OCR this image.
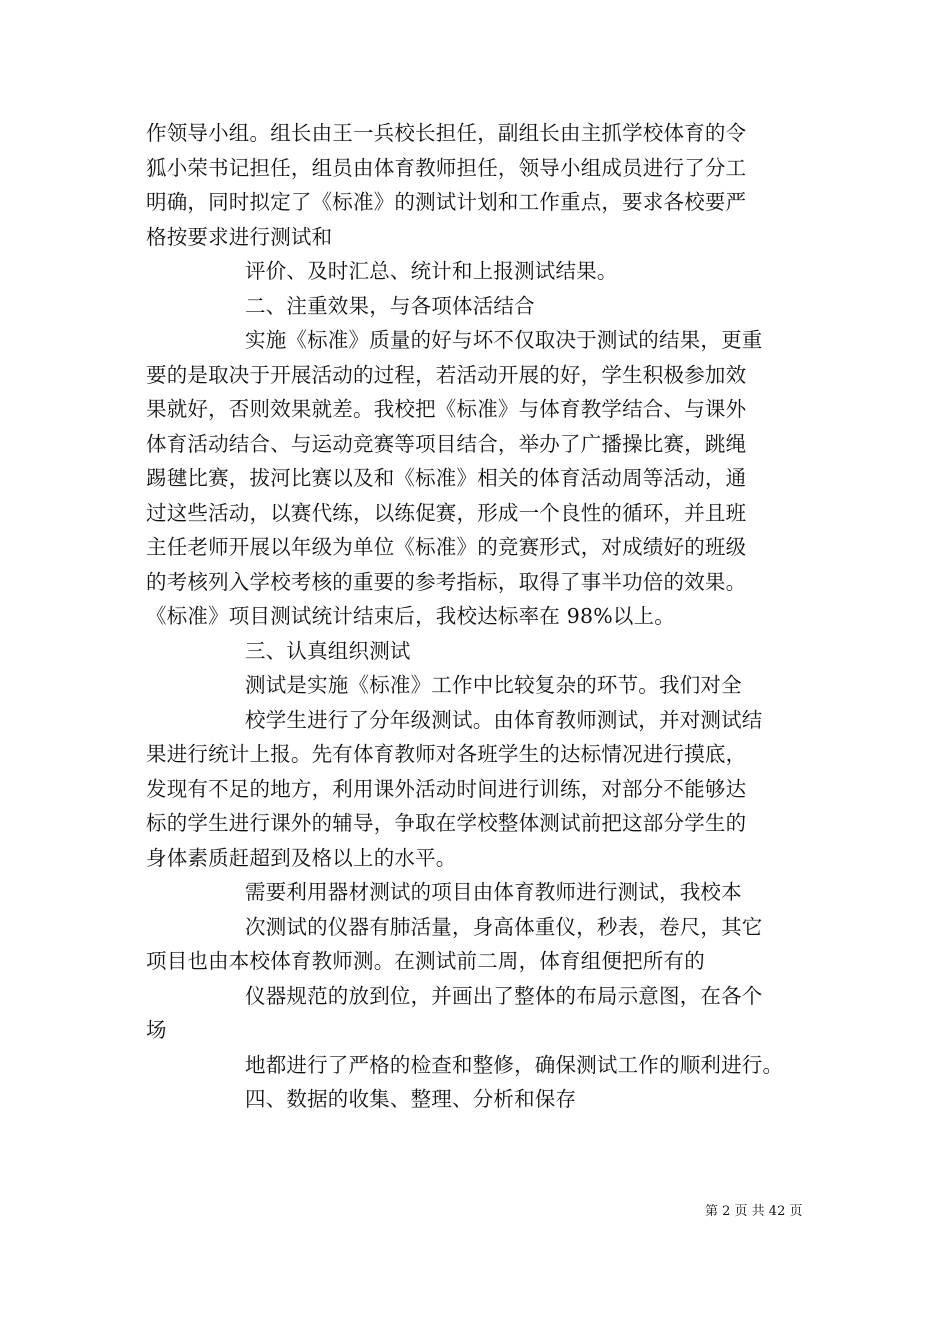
作领导小组。组长由王一兵校长担任，副组长由主抓学校体育的令
狐小荣书记担任，组员由体育教师担任，领导小组成员进行了分工
明确，同时拟定了《标准》的测试计划和工作重点，要求各校要严
格按要求进行测试和
评价、及时汇总、统计和上报测试结果。
二、注重效果，与各项体活结合
实施《标准》质量的好与坏不仅取决于测试的结果，更重
要的是取决于开展活动的过程，若活动开展的好，学生积极参加效
果就好，否则效果就差。我校把《标准》与体育教学结合、与课外
体育活动结合、与运动竞赛等项目结合，举办了广播操比赛，跳绳
踢毽比赛，拔河比赛以及和《标准》相关的体育活动周等活动，通
过这些活动，以赛代练，以练促赛，形成一个良性的循环，并且班
主任老师开展以年级为单位《标准》的竞赛形式，对成绩好的班级
的考核列入学校考核的重要的参考指标，取得了事半功倍的效果。
《标准》项目测试统计结束后，我校达标率在 98%以上。
三、认真组织测试
测试是实施《标准》工作中比较复杂的环节。我们对全
校学生进行了分年级测试。由体育教师测试，并对测试结
果进行统计上报。先有体育教师对各班学生的达标情况进行摸底，
发现有不足的地方，利用课外活动时间进行训练，对部分不能够达
标的学生进行课外的辅导，争取在学校整体测试前把这部分学生的
身体素质赶超到及格以上的水平。
需要利用器材测试的项目由体育教师进行测试，我校本
次测试的仪器有肺活量，身高体重仪，秒表，卷尺，其它
项目也由本校体育教师测。在测试前二周，体育组便把所有的
仪器规范的放到位，并画出了整体的布局示意图，在各个
场
地都进行了严格的检查和整修，确保测试工作的顺利进行。
四、数据的收集、整理、分析和保存
第 2 页 共 42 页
